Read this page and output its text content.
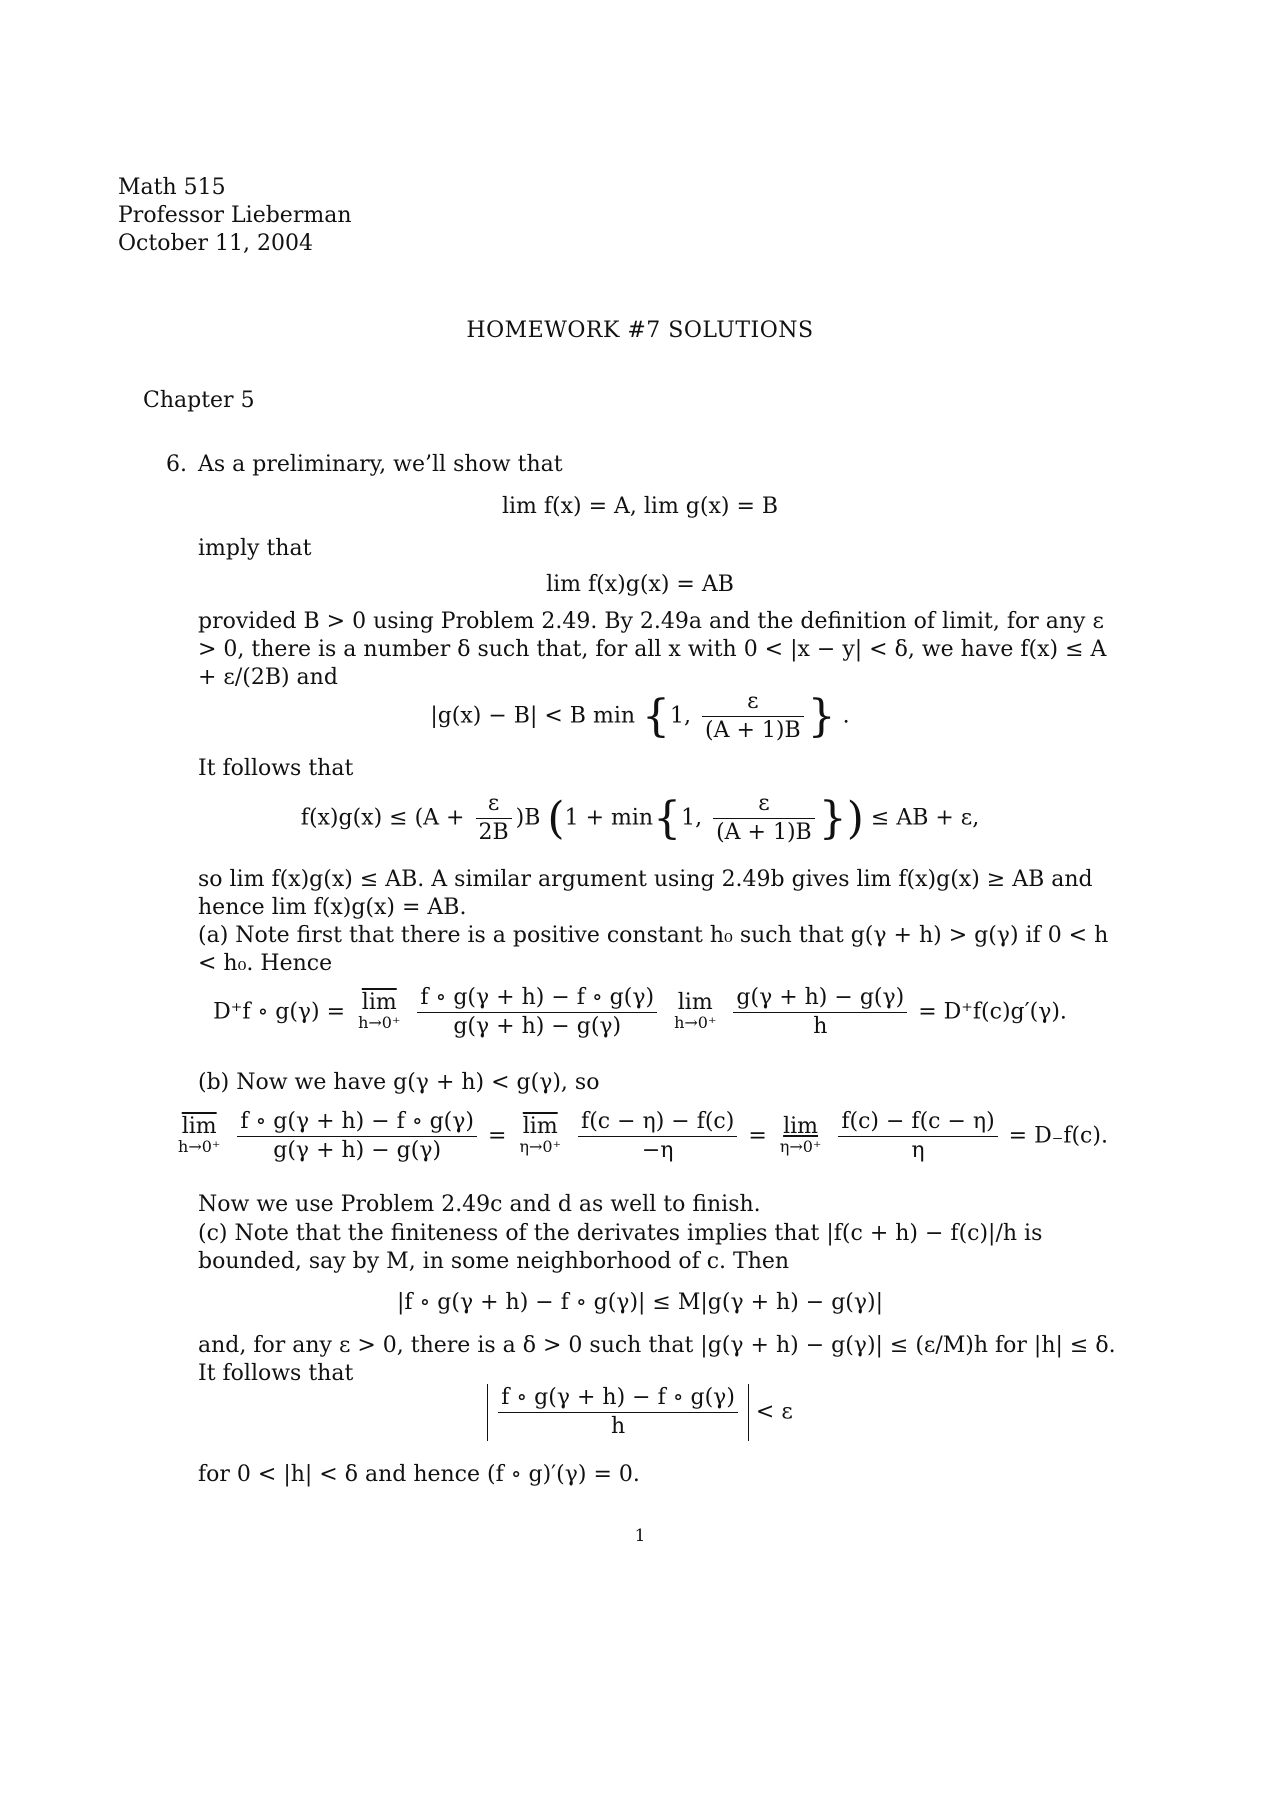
Math 515
Professor Lieberman
October 11, 2004
HOMEWORK #7 SOLUTIONS
Chapter 5
6. As a preliminary, we’ll show that
lim f(x) = A, lim g(x) = B
imply that
lim f(x)g(x) = AB
provided B > 0 using Problem 2.49. By 2.49a and the definition of limit, for any ε > 0, there is a number δ such that, for all x with 0 < |x − y| < δ, we have f(x) ≤ A + ε/(2B) and
|g(x) − B| < B min {1, $\frac{\varepsilon}{(A + 1)B}$ } .
It follows that
$f(x)g(x) \le (A + \frac{\varepsilon}{2B} )B$ (1 + min{1, $\frac{\varepsilon}{(A + 1)B}$ }) ≤ AB + ε,
so lim f(x)g(x) ≤ AB. A similar argument using 2.49b gives lim f(x)g(x) ≥ AB and hence lim f(x)g(x) = AB.
(a) Note first that there is a positive constant h₀ such that g(γ + h) > g(γ) if 0 < h < h₀. Hence
D⁺f ∘ $g(\gamma) = \overline{lim}$
h→0⁺
$\frac{f \circ g(\gamma + h) - f \circ g(\gamma)}{g(\gamma + h) - g(\gamma)}$
lim
h→0⁺
$\frac{g(\gamma + h) - g(\gamma)}{h} = D^+f(c)g'(\gamma)$.
(b) Now we have g(γ + h) < g(γ), so
$\overline{lim}$
h→0⁺
$\frac{f \circ g(\gamma + h) - f \circ g(\gamma)}{g(\gamma + h) - g(\gamma)} = \overline{lim}$
η→0⁺
$\frac{f(c - \eta) - f(c)}{-\eta} = \lim$
η→0⁺
$\frac{f(c) - f(c - \eta)}{\eta} = D_-f(c)$.
Now we use Problem 2.49c and d as well to finish.
(c) Note that the finiteness of the derivates implies that |f(c + h) − f(c)|/h is bounded, say by M, in some neighborhood of c. Then
|f ∘ g(γ + h) − f ∘ g(γ)| ≤ M|g(γ + h) − g(γ)|
and, for any ε > 0, there is a δ > 0 such that |g(γ + h) − g(γ)| ≤ (ε/M)h for |h| ≤ δ. It follows that
$\frac{f \circ g(\gamma + h) - f \circ g(\gamma)}{h} < \varepsilon$
for 0 < |h| < δ and hence (f ∘ g)′(γ) = 0.
1
